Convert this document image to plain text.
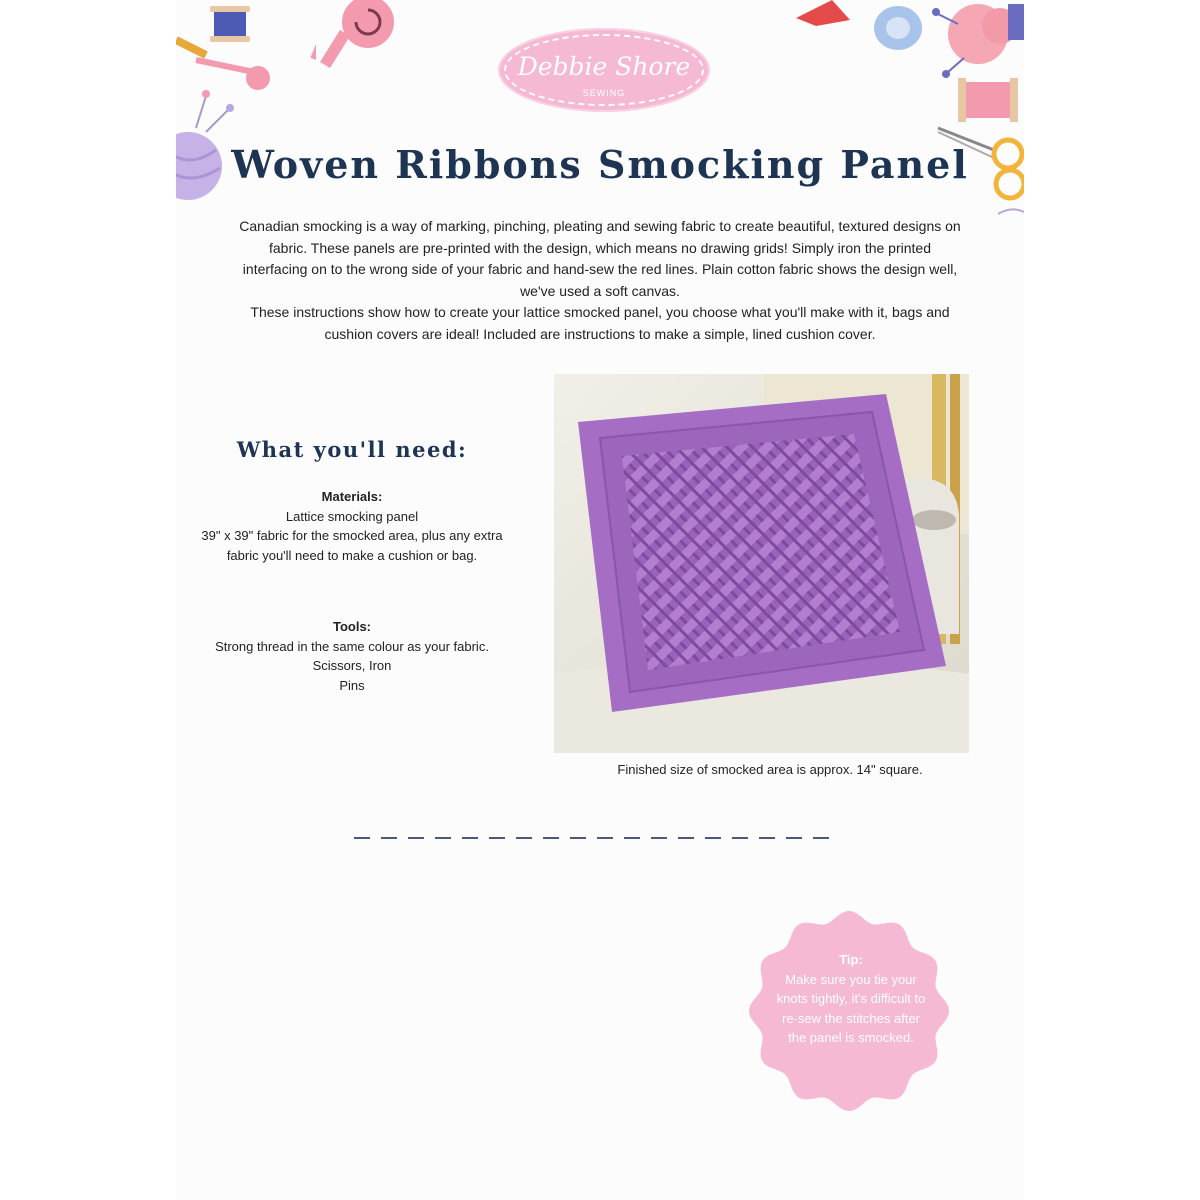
Debbie Shore
SEWING
Woven Ribbons Smocking Panel

Canadian smocking is a way of marking, pinching, pleating and sewing fabric to create beautiful, textured designs on fabric. These panels are pre-printed with the design, which means no drawing grids! Simply iron the printed interfacing on to the wrong side of your fabric and hand-sew the red lines. Plain cotton fabric shows the design well, we've used a soft canvas.

These instructions show how to create your lattice smocked panel, you choose what you'll make with it, bags and cushion covers are ideal! Included are instructions to make a simple, lined cushion cover.

What you'll need:
Materials:
Lattice smocking panel
39" x 39" fabric for the smocked area, plus any extra fabric you'll need to make a cushion or bag.
Tools:
Strong thread in the same colour as your fabric.
Scissors, Iron
Pins
Finished size of smocked area is approx. 14" square.
Tip:
Make sure you tie your knots tightly, it's difficult to re-sew the stitches after the panel is smocked.
